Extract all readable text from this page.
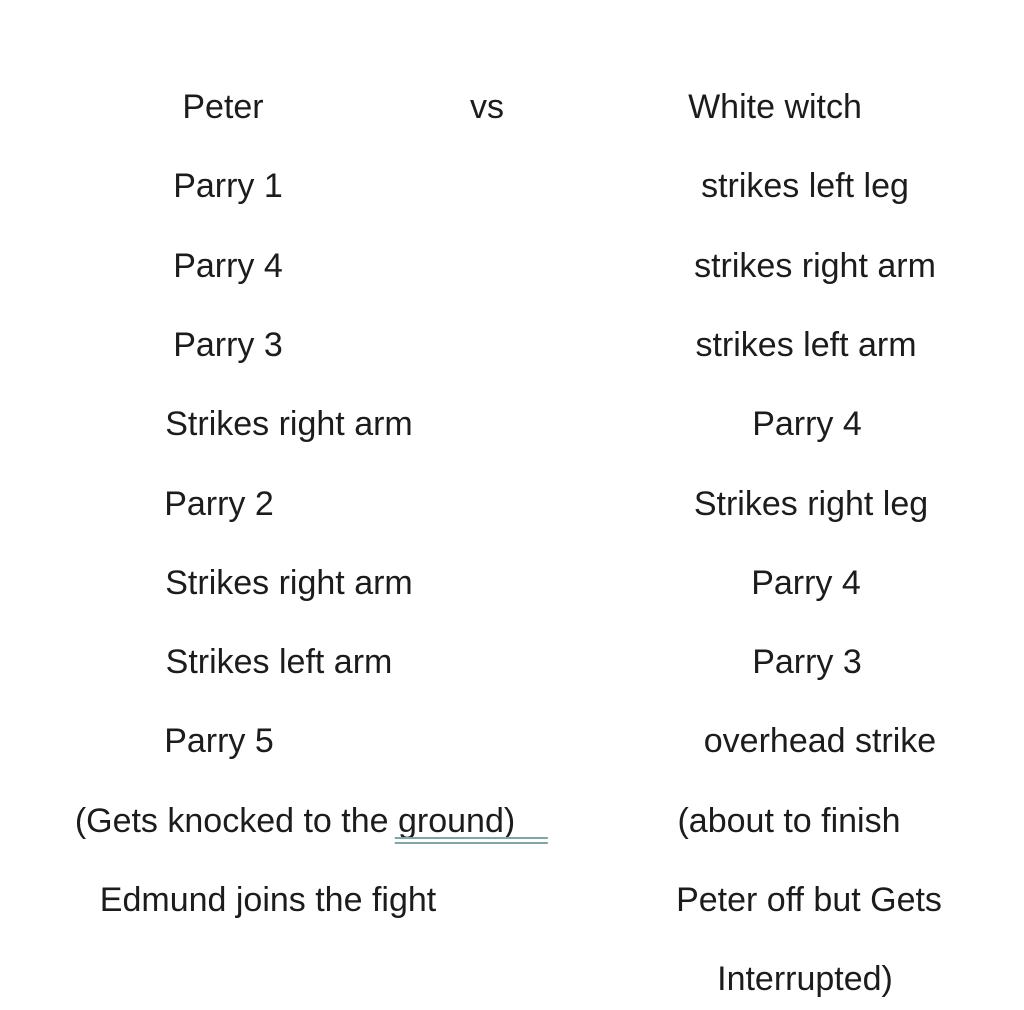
Peter	vs	White witch
Parry 1	strikes left leg
Parry 4	strikes right arm
Parry 3	strikes left arm
Strikes right arm	Parry 4
Parry 2	Strikes right leg
Strikes right arm	Parry 4
Strikes left arm	Parry 3
Parry 5	overhead strike
(Gets knocked to the ground)	(about to finish
Edmund joins the fight	Peter off but Gets
Interrupted)
